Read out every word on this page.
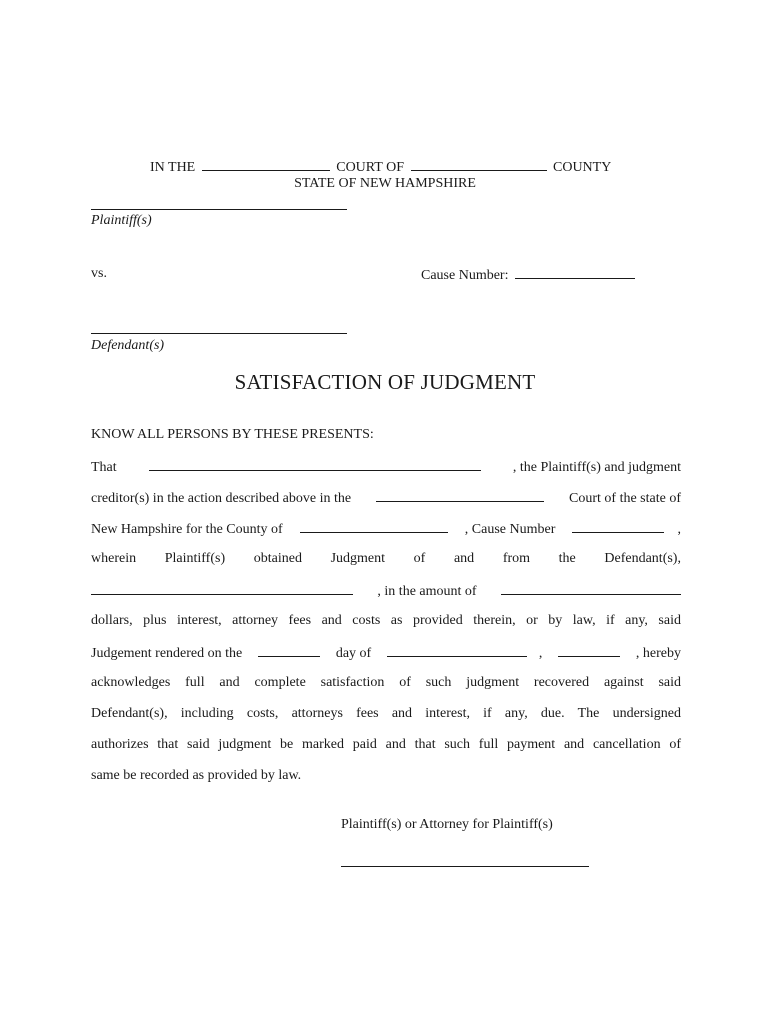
IN THE	COURT OF	COUNTY
STATE OF NEW HAMPSHIRE
Plaintiff(s)
vs.	Cause Number:
Defendant(s)
SATISFACTION OF JUDGMENT
KNOW ALL PERSONS BY THESE PRESENTS:
That	, the Plaintiff(s) and judgment
creditor(s) in the action described above in the	Court of the state of
New Hampshire for the County of	, Cause Number	,
wherein Plaintiff(s) obtained Judgment of and from the Defendant(s),
, in the amount of
dollars, plus interest, attorney fees and costs as provided therein, or by law, if any, said
Judgement rendered on the	day of	,	, hereby
acknowledges full and complete satisfaction of such judgment recovered against said
Defendant(s), including costs, attorneys fees and interest, if any, due. The undersigned
authorizes that said judgment be marked paid and that such full payment and cancellation of
same be recorded as provided by law.
Plaintiff(s) or Attorney for Plaintiff(s)
